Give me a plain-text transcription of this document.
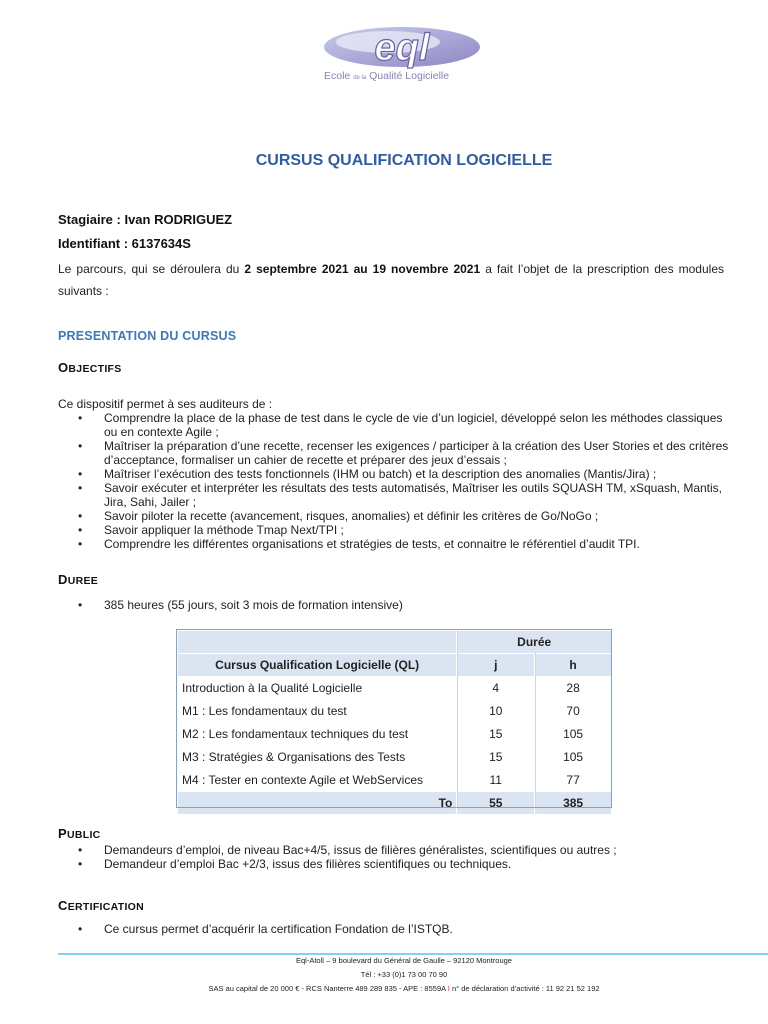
eql
Ecole de la Qualité Logicielle
CURSUS QUALIFICATION LOGICIELLE
Stagiaire : Ivan RODRIGUEZ
Identifiant : 6137634S
Le parcours, qui se déroulera du 2 septembre 2021 au 19 novembre 2021 a fait l’objet de la prescription des modules suivants :
PRESENTATION DU CURSUS
OBJECTIFS
Ce dispositif permet à ses auditeurs de :
• Comprendre la place de la phase de test dans le cycle de vie d’un logiciel, développé selon les méthodes classiques ou en contexte Agile ;
• Maîtriser la préparation d’une recette, recenser les exigences / participer à la création des User Stories et des critères d’acceptance, formaliser un cahier de recette et préparer des jeux d’essais ;
• Maîtriser l’exécution des tests fonctionnels (IHM ou batch) et la description des anomalies (Mantis/Jira) ;
• Savoir exécuter et interpréter les résultats des tests automatisés, Maîtriser les outils SQUASH TM, xSquash, Mantis, Jira, Sahi, Jailer ;
• Savoir piloter la recette (avancement, risques, anomalies) et définir les critères de Go/NoGo ;
• Savoir appliquer la méthode Tmap Next/TPI ;
• Comprendre les différentes organisations et stratégies de tests, et connaitre le référentiel d’audit TPI.
DUREE
• 385 heures (55 jours, soit 3 mois de formation intensive)
	Durée	
Cursus Qualification Logicielle (QL)	j	h
Introduction à la Qualité Logicielle	4	28
M1 : Les fondamentaux du test	10	70
M2 : Les fondamentaux techniques du test	15	105
M3 : Stratégies & Organisations des Tests	15	105
M4 : Tester en contexte Agile et WebServices	11	77
To	55	385
PUBLIC
• Demandeurs d’emploi, de niveau Bac+4/5, issus de filières généralistes, scientifiques ou autres ;
• Demandeur d’emploi Bac +2/3, issus des filières scientifiques ou techniques.
CERTIFICATION
• Ce cursus permet d’acquérir la certification Fondation de l’ISTQB.
Eql-Atoll – 9 boulevard du Général de Gaulle – 92120 Montrouge
Tél : +33 (0)1 73 00 70 90
SAS au capital de 20 000 € - RCS Nanterre 489 289 835 - APE : 8559A I n° de déclaration d’activité : 11 92 21 52 192
